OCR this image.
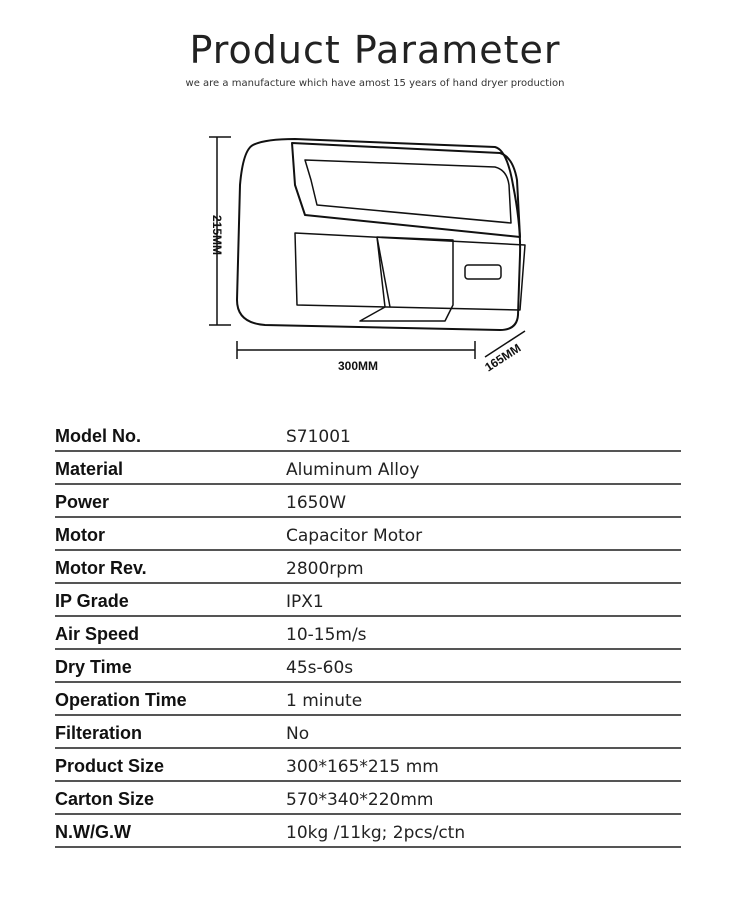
Product Parameter
we are a manufacture which have amost 15 years of hand dryer production
215MM
300MM	165MM
Model No.	S71001
Material	Aluminum Alloy
Power	1650W
Motor	Capacitor Motor
Motor Rev.	2800rpm
IP Grade	IPX1
Air Speed	10-15m/s
Dry Time	45s-60s
Operation Time	1 minute
Filteration	No
Product Size	300*165*215 mm
Carton Size	570*340*220mm
N.W/G.W	10kg /11kg; 2pcs/ctn
